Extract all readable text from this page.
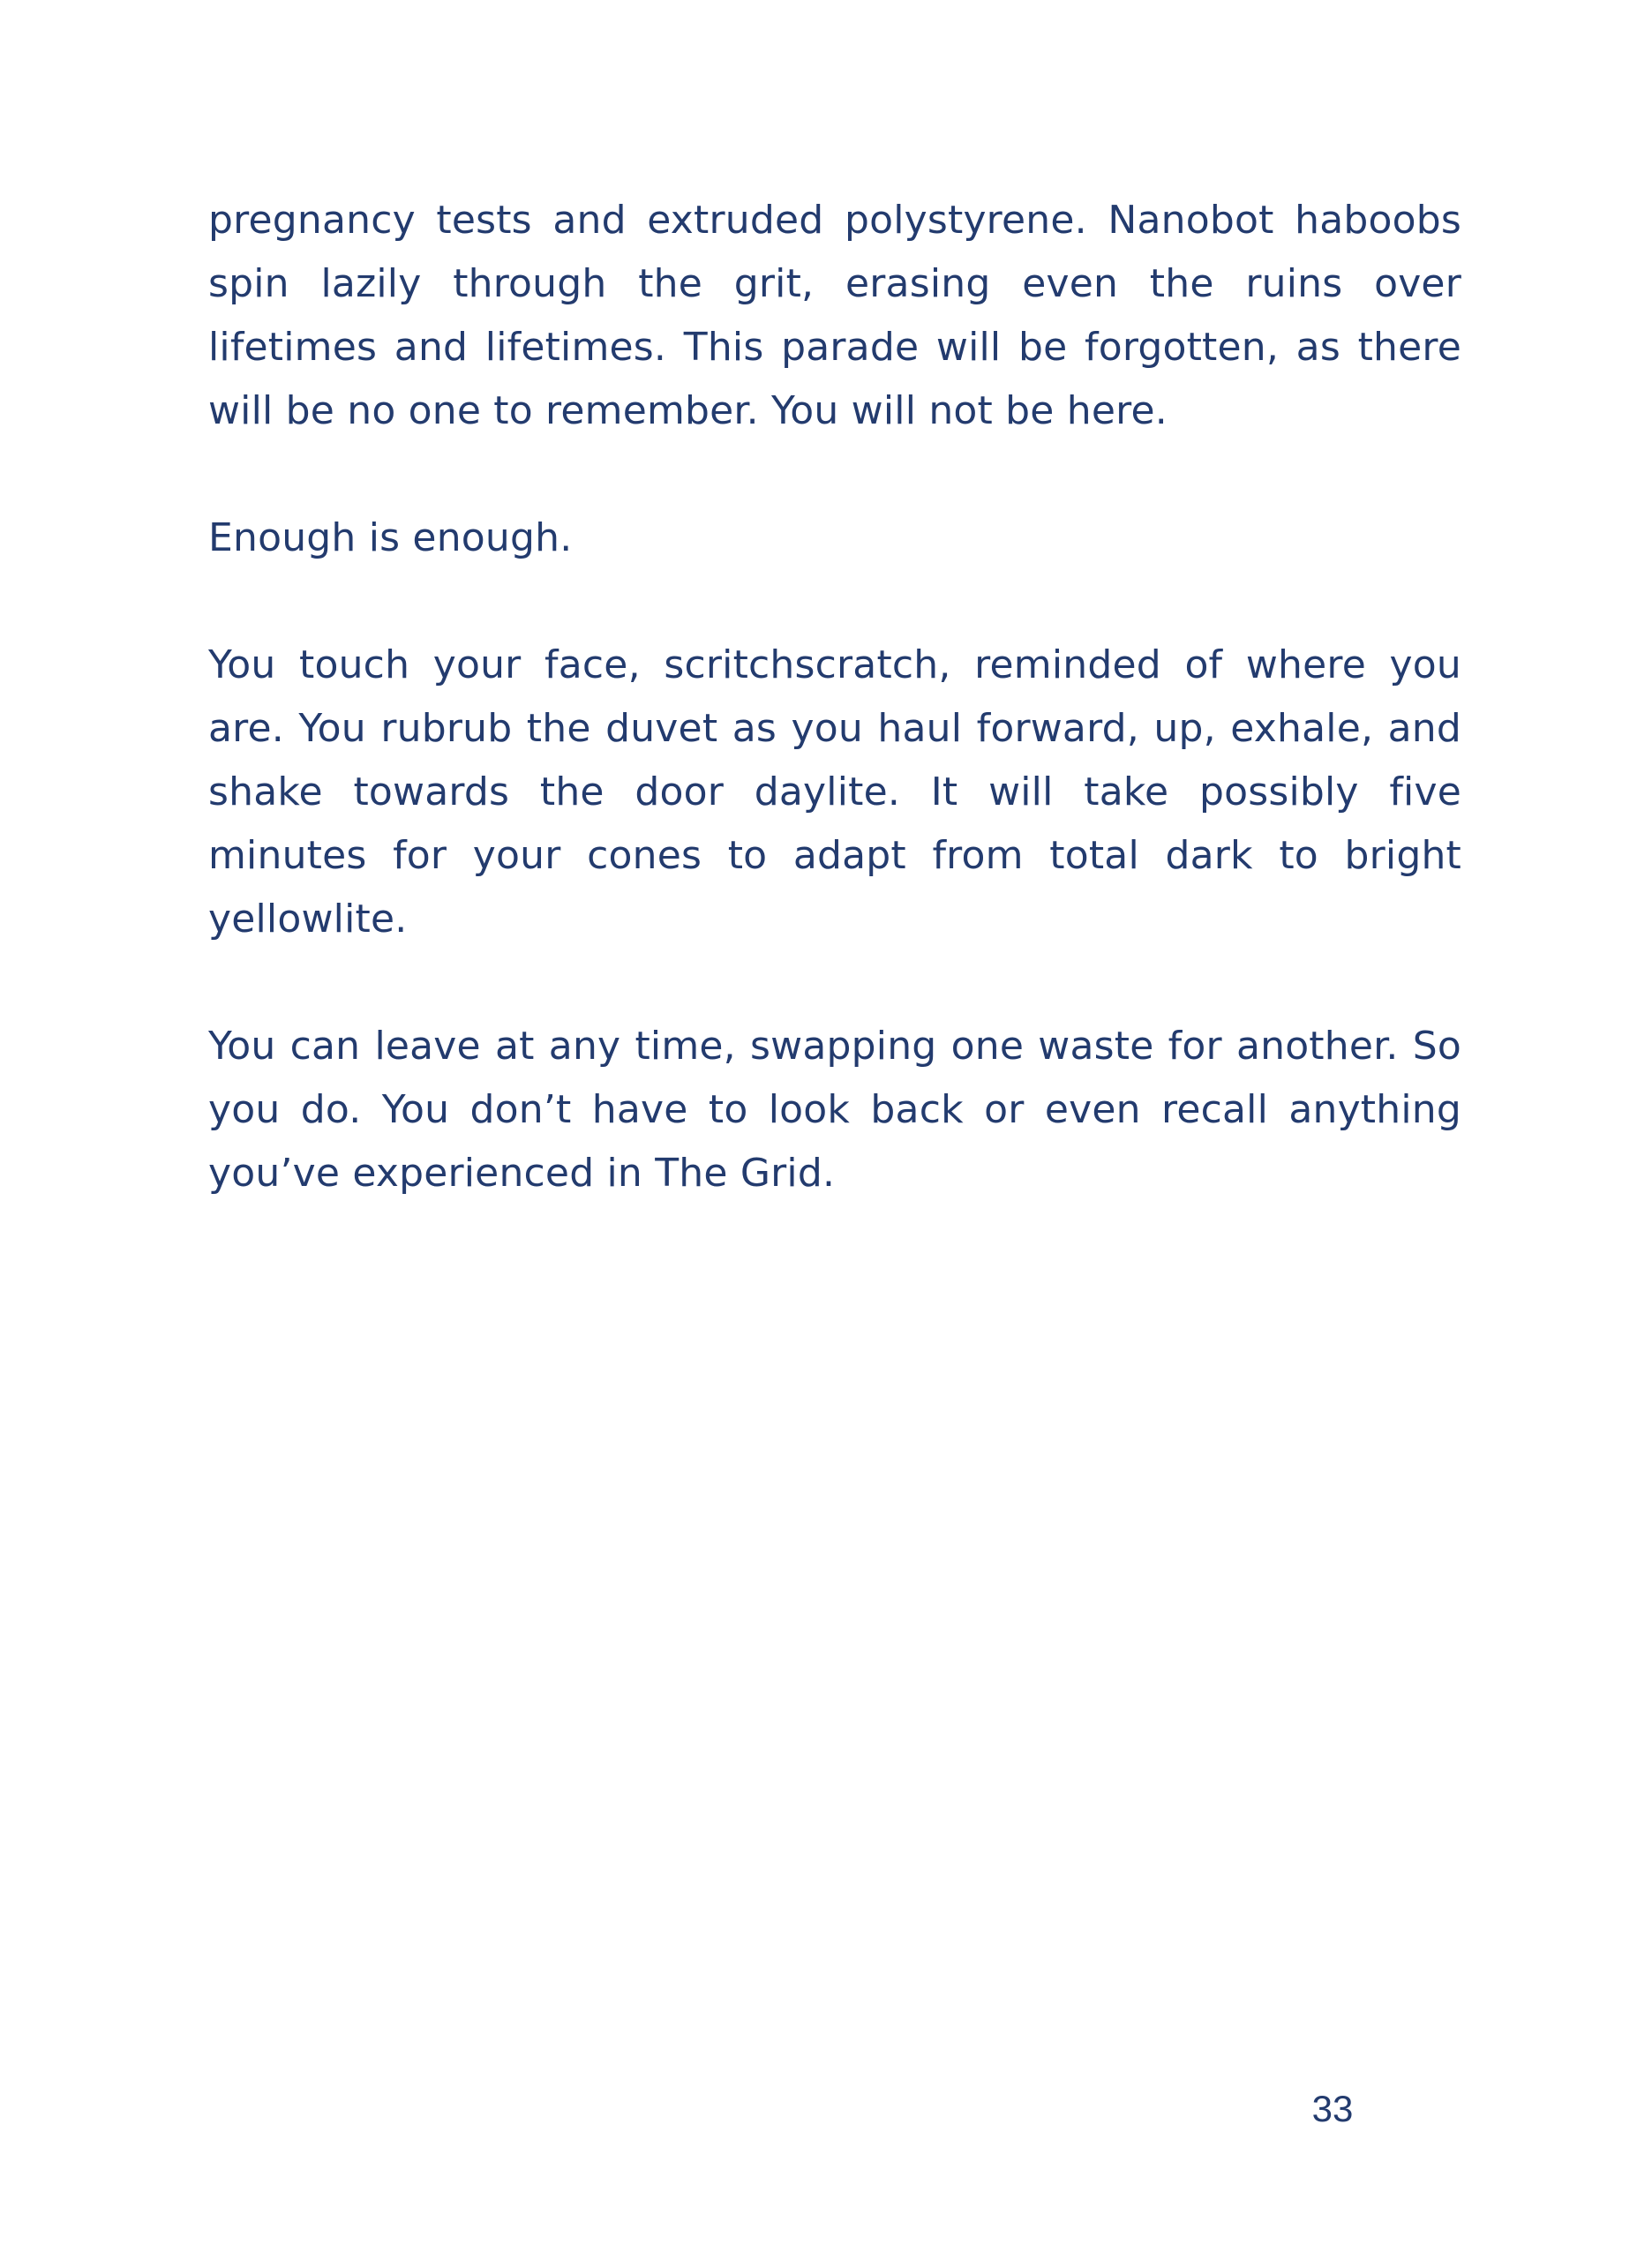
pregnancy tests and extruded polystyrene. Nanobot haboobs spin lazily through the grit, erasing even the ruins over lifetimes and lifetimes. This parade will be forgotten, as there will be no one to remember. You will not be here.

Enough is enough.

You touch your face, scritchscratch, reminded of where you are. You rubrub the duvet as you haul forward, up, exhale, and shake towards the door daylite. It will take possibly five minutes for your cones to adapt from total dark to bright yellowlite.

You can leave at any time, swapping one waste for another. So you do. You don’t have to look back or even recall anything you’ve experienced in The Grid.

33
